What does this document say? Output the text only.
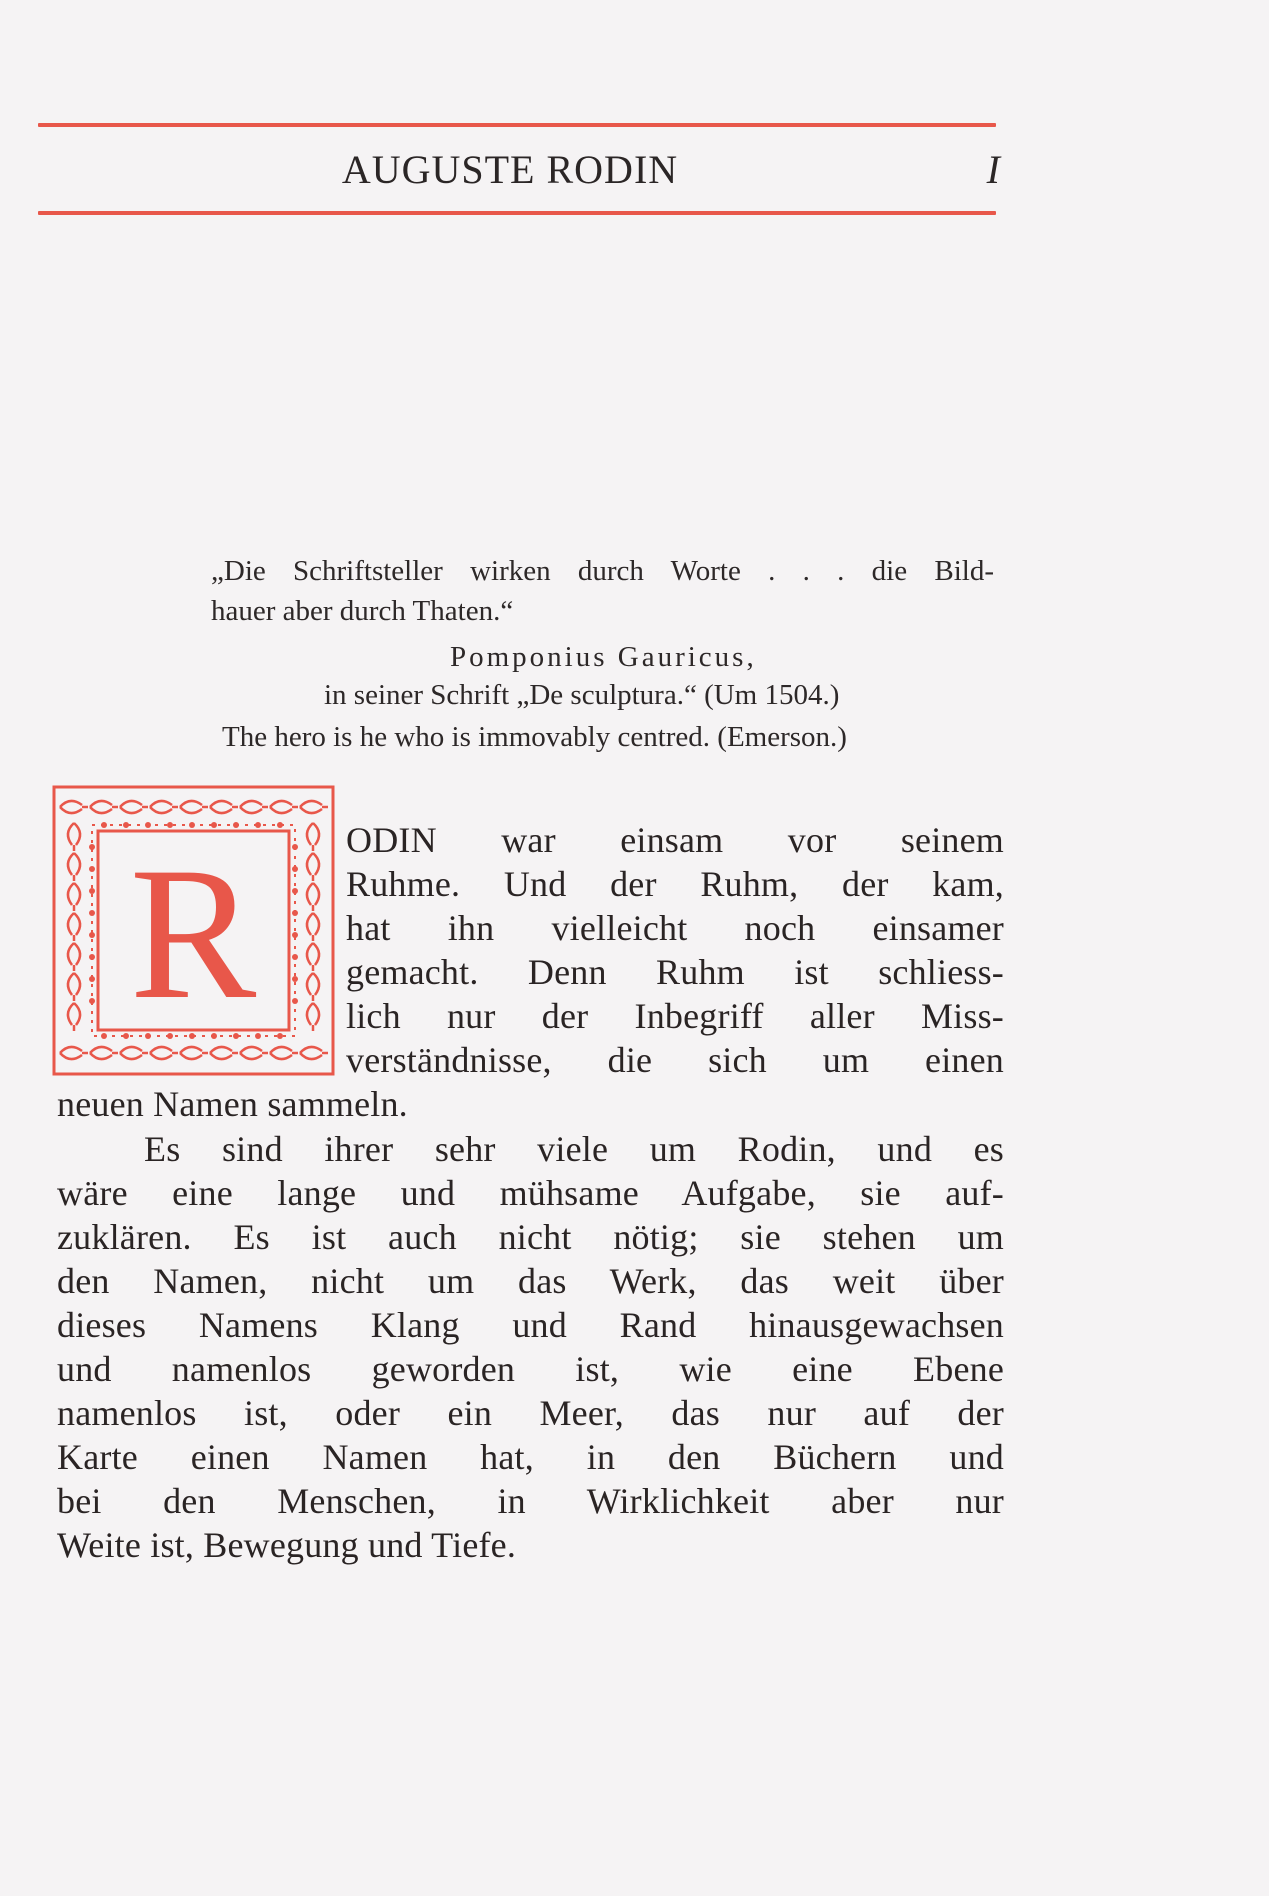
AUGUSTE RODIN	I
„Die Schriftsteller wirken durch Worte . . . die Bild-
hauer aber durch Thaten.“
Pomponius Gauricus,
in seiner Schrift „De sculptura.“ (Um 1504.)
The hero is he who is immovably centred. (Emerson.)
R ODIN war einsam vor seinem
Ruhme. Und der Ruhm, der kam,
hat ihn vielleicht noch einsamer
gemacht. Denn Ruhm ist schliess-
lich nur der Inbegriff aller Miss-
verständnisse, die sich um einen
neuen Namen sammeln.
Es sind ihrer sehr viele um Rodin, und es
wäre eine lange und mühsame Aufgabe, sie auf-
zuklären. Es ist auch nicht nötig; sie stehen um
den Namen, nicht um das Werk, das weit über
dieses Namens Klang und Rand hinausgewachsen
und namenlos geworden ist, wie eine Ebene
namenlos ist, oder ein Meer, das nur auf der
Karte einen Namen hat, in den Büchern und
bei den Menschen, in Wirklichkeit aber nur
Weite ist, Bewegung und Tiefe.
